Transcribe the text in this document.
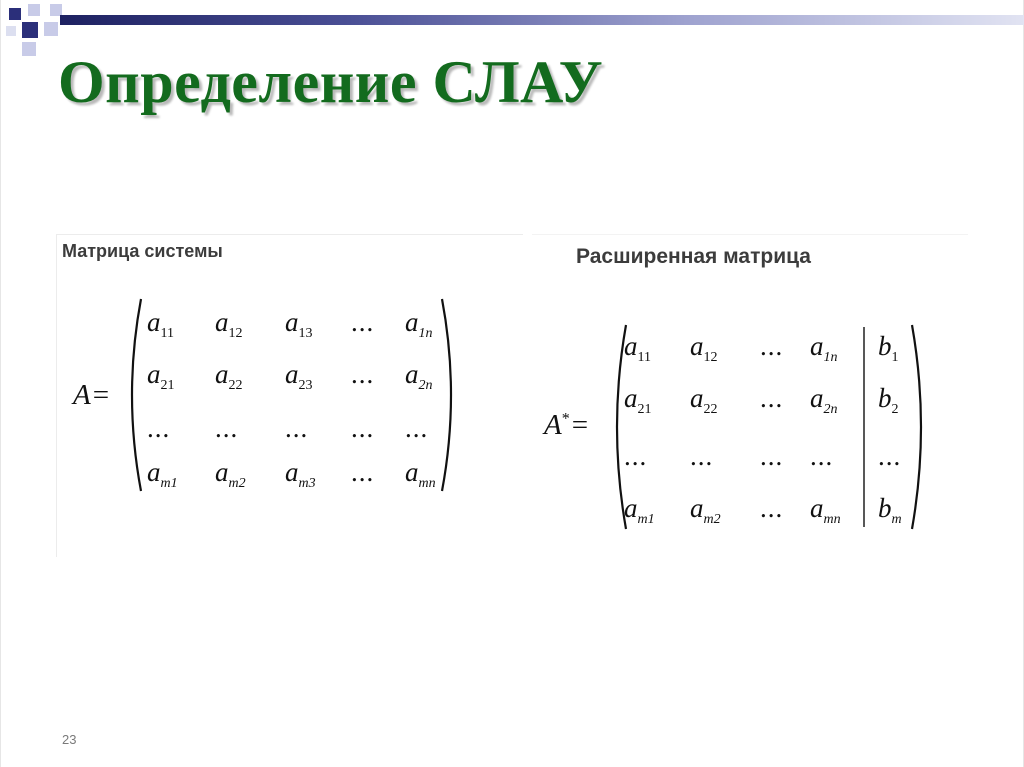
Определение СЛАУ

Матрица системы

A=
$a_{11}$ $a_{12}$ $a_{13}$ ... $a_{1n}$
$a_{21}$ $a_{22}$ $a_{23}$ ... $a_{2n}$
... ... ... ... ...
$a_{m1}$ $a_{m2}$ $a_{m3}$ ... $a_{mn}$

Расширенная матрица

A*=
$a_{11}$ $a_{12}$ ... $a_{1n}$ $b_1$
$a_{21}$ $a_{22}$ ... $a_{2n}$ $b_2$
... ... ... ... ...
$a_{m1}$ $a_{m2}$ ... $a_{mn}$ $b_m$
23
